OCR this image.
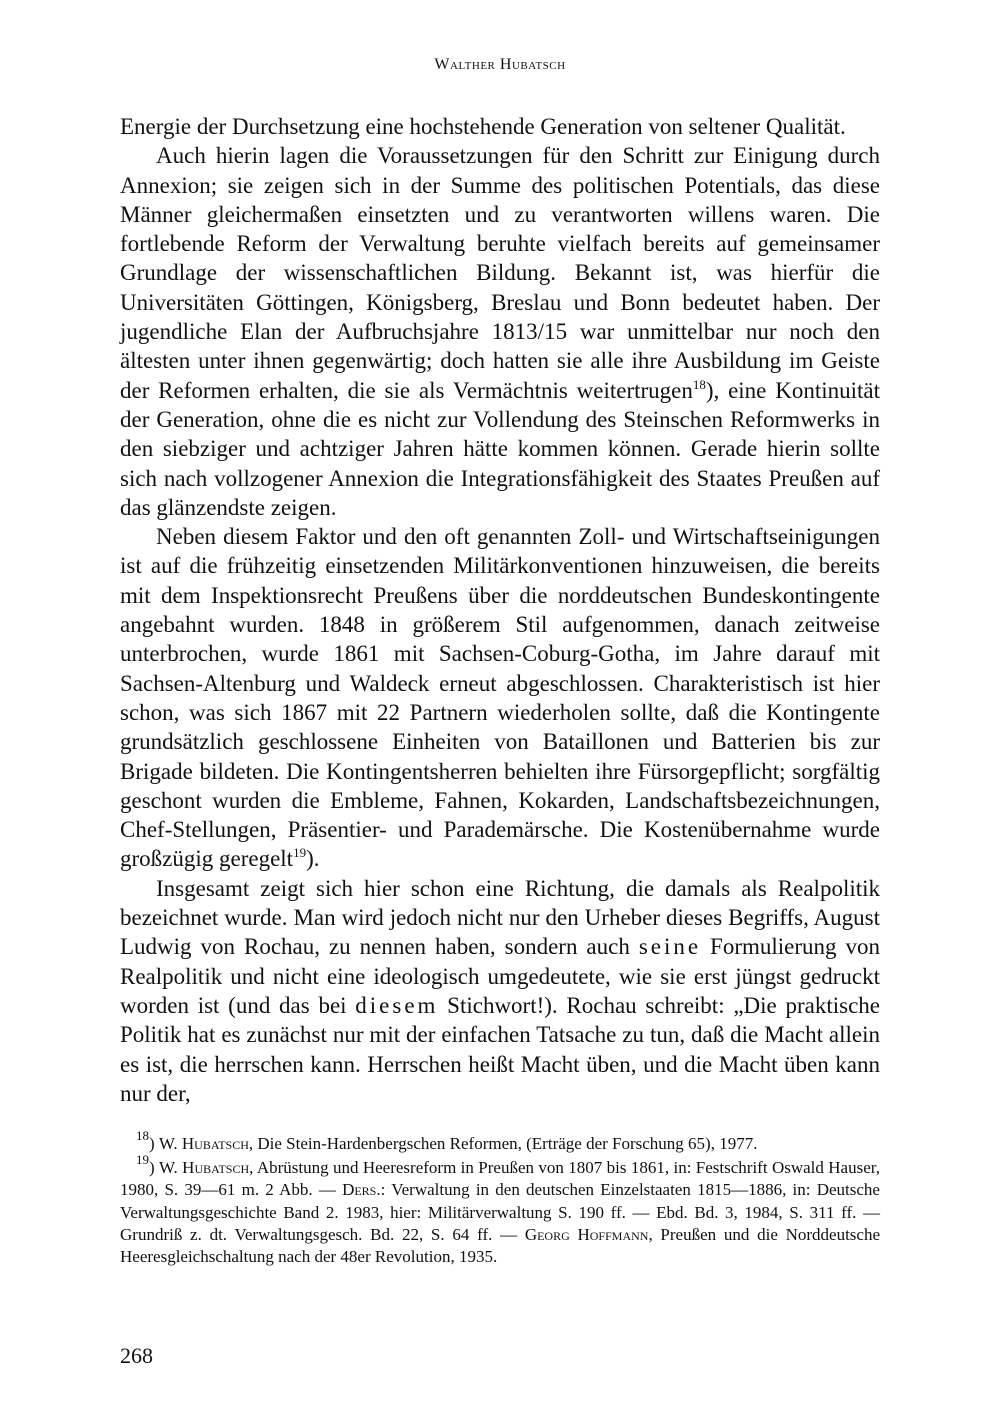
Walther Hubatsch

Energie der Durchsetzung eine hochstehende Generation von seltener Qualität.

Auch hierin lagen die Voraussetzungen für den Schritt zur Einigung durch Annexion; sie zeigen sich in der Summe des politischen Potentials, das diese Männer gleichermaßen einsetzten und zu verantworten willens waren. Die fortlebende Reform der Verwaltung beruhte vielfach bereits auf gemeinsamer Grundlage der wissenschaftlichen Bildung. Bekannt ist, was hierfür die Universitäten Göttingen, Königsberg, Breslau und Bonn bedeutet haben. Der jugendliche Elan der Aufbruchsjahre 1813/15 war unmittelbar nur noch den ältesten unter ihnen gegenwärtig; doch hatten sie alle ihre Ausbildung im Geiste der Reformen erhalten, die sie als Vermächtnis weitertrugen$^{18}$), eine Kontinuität der Generation, ohne die es nicht zur Vollendung des Steinschen Reformwerks in den siebziger und achtziger Jahren hätte kommen können. Gerade hierin sollte sich nach vollzogener Annexion die Integrationsfähigkeit des Staates Preußen auf das glänzendste zeigen.

Neben diesem Faktor und den oft genannten Zoll- und Wirtschaftseinigungen ist auf die frühzeitig einsetzenden Militärkonventionen hinzuweisen, die bereits mit dem Inspektionsrecht Preußens über die norddeutschen Bundeskontingente angebahnt wurden. 1848 in größerem Stil aufgenommen, danach zeitweise unterbrochen, wurde 1861 mit Sachsen-Coburg-Gotha, im Jahre darauf mit Sachsen-Altenburg und Waldeck erneut abgeschlossen. Charakteristisch ist hier schon, was sich 1867 mit 22 Partnern wiederholen sollte, daß die Kontingente grundsätzlich geschlossene Einheiten von Bataillonen und Batterien bis zur Brigade bildeten. Die Kontingentsherren behielten ihre Fürsorgepflicht; sorgfältig geschont wurden die Embleme, Fahnen, Kokarden, Landschaftsbezeichnungen, Chef-Stellungen, Präsentier- und Parademärsche. Die Kostenübernahme wurde großzügig geregelt$^{19}$).

Insgesamt zeigt sich hier schon eine Richtung, die damals als Realpolitik bezeichnet wurde. Man wird jedoch nicht nur den Urheber dieses Begriffs, August Ludwig von Rochau, zu nennen haben, sondern auch seine Formulierung von Realpolitik und nicht eine ideologisch umgedeutete, wie sie erst jüngst gedruckt worden ist (und das bei diesem Stichwort!). Rochau schreibt: „Die praktische Politik hat es zunächst nur mit der einfachen Tatsache zu tun, daß die Macht allein es ist, die herrschen kann. Herrschen heißt Macht üben, und die Macht üben kann nur der,

$^{18}$) W. Hubatsch, Die Stein-Hardenbergschen Reformen, (Erträge der Forschung 65), 1977.

$^{19}$) W. Hubatsch, Abrüstung und Heeresreform in Preußen von 1807 bis 1861, in: Festschrift Oswald Hauser, 1980, S. 39—61 m. 2 Abb. — Ders.: Verwaltung in den deutschen Einzelstaaten 1815—1886, in: Deutsche Verwaltungsgeschichte Band 2. 1983, hier: Militärverwaltung S. 190 ff. — Ebd. Bd. 3, 1984, S. 311 ff. — Grundriß z. dt. Verwaltungsgesch. Bd. 22, S. 64 ff. — Georg Hoffmann, Preußen und die Norddeutsche Heeresgleichschaltung nach der 48er Revolution, 1935.

268
